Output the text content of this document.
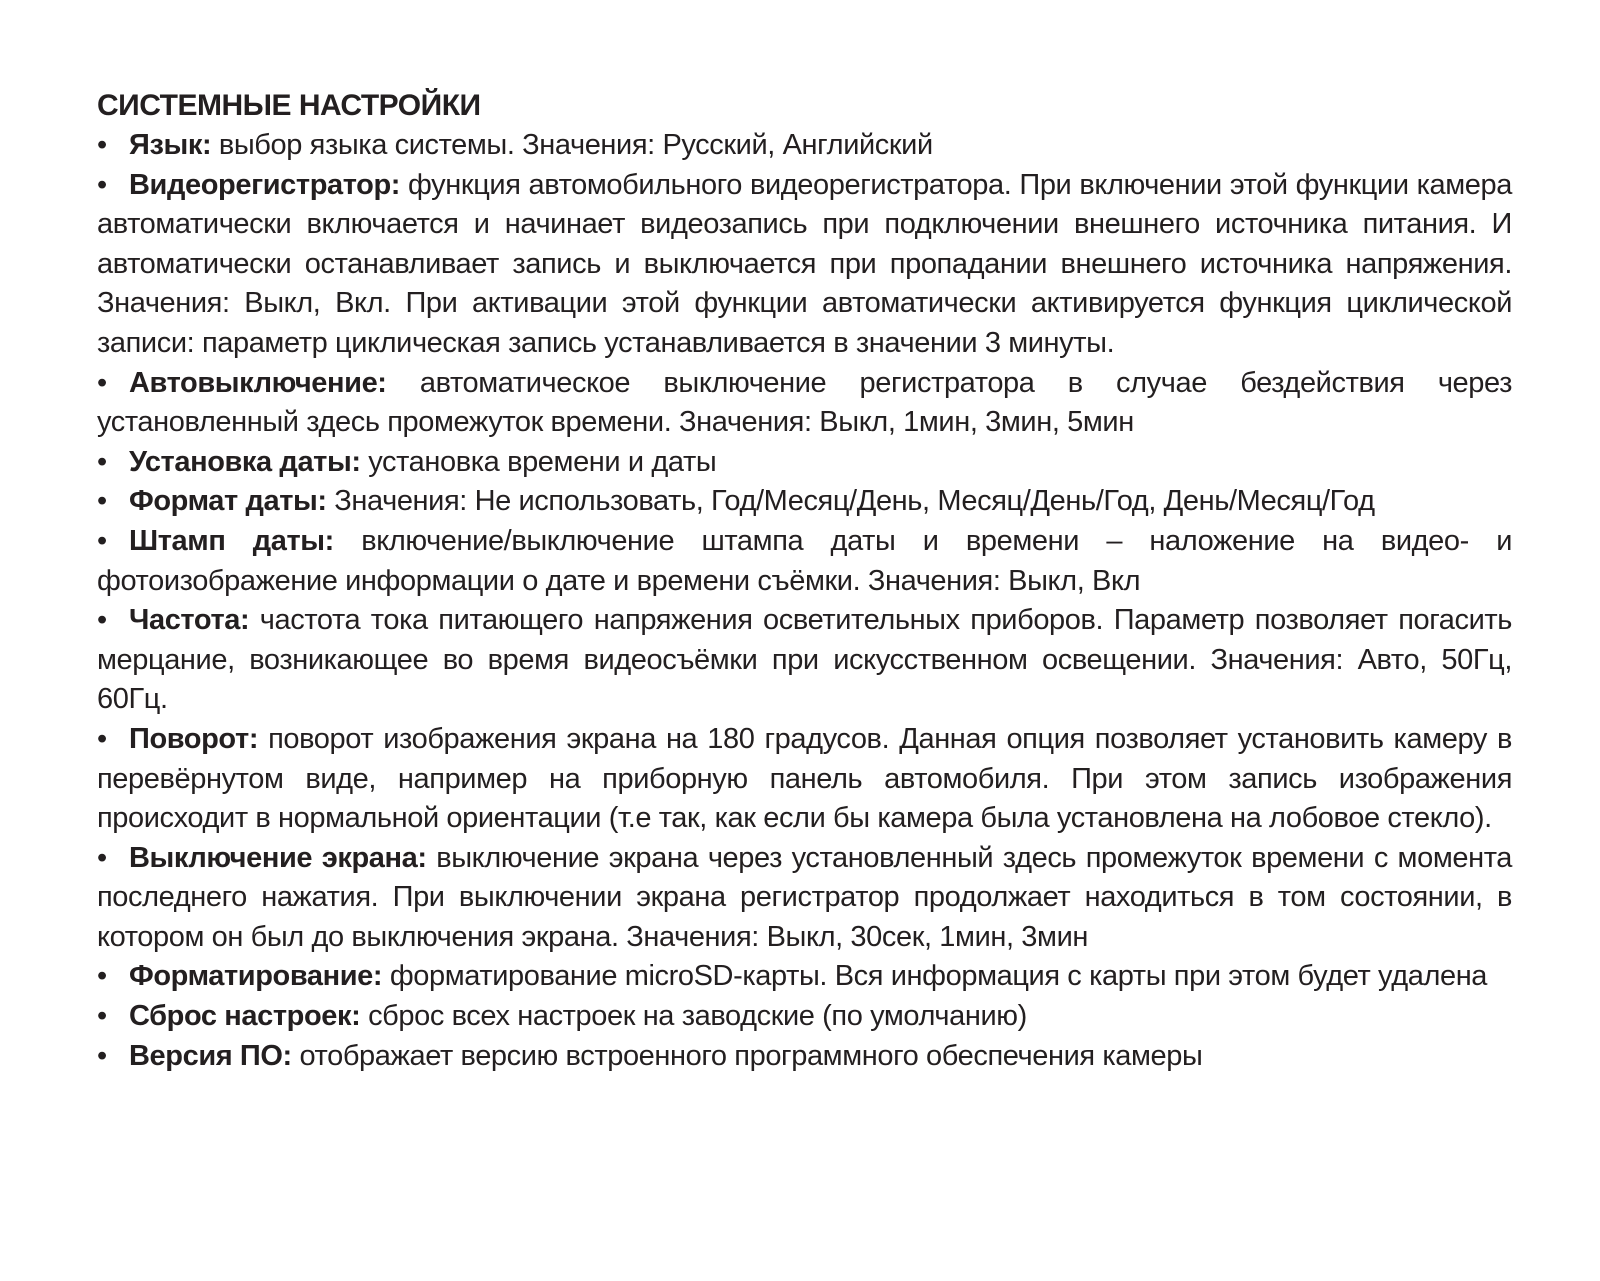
СИСТЕМНЫЕ НАСТРОЙКИ
• Язык: выбор языка системы. Значения: Русский, Английский
• Видеорегистратор: функция автомобильного видеорегистратора. При включении этой функции камера автоматически включается и начинает видеозапись при подключении внешнего источника питания. И автоматически останавливает запись и выключается при пропадании внешнего источника напряжения. Значения: Выкл, Вкл. При активации этой функции автоматически активируется функция циклической записи: параметр циклическая запись устанавливается в значении 3 минуты.
• Автовыключение: автоматическое выключение регистратора в случае бездействия через установленный здесь промежуток времени. Значения: Выкл, 1мин, 3мин, 5мин
• Установка даты: установка времени и даты
• Формат даты: Значения: Не использовать, Год/Месяц/День, Месяц/День/Год, День/Месяц/Год
• Штамп даты: включение/выключение штампа даты и времени – наложение на видео- и фотоизображение информации о дате и времени съёмки. Значения: Выкл, Вкл
• Частота: частота тока питающего напряжения осветительных приборов. Параметр позволяет погасить мерцание, возникающее во время видеосъёмки при искусственном освещении. Значения: Авто, 50Гц, 60Гц.
• Поворот: поворот изображения экрана на 180 градусов. Данная опция позволяет установить камеру в перевёрнутом виде, например на приборную панель автомобиля. При этом запись изображения происходит в нормальной ориентации (т.е так, как если бы камера была установлена на лобовое стекло).
• Выключение экрана: выключение экрана через установленный здесь промежуток времени с момента последнего нажатия. При выключении экрана регистратор продолжает находиться в том состоянии, в котором он был до выключения экрана. Значения: Выкл, 30сек, 1мин, 3мин
• Форматирование: форматирование microSD-карты. Вся информация с карты при этом будет удалена
• Сброс настроек: сброс всех настроек на заводские (по умолчанию)
• Версия ПО: отображает версию встроенного программного обеспечения камеры
